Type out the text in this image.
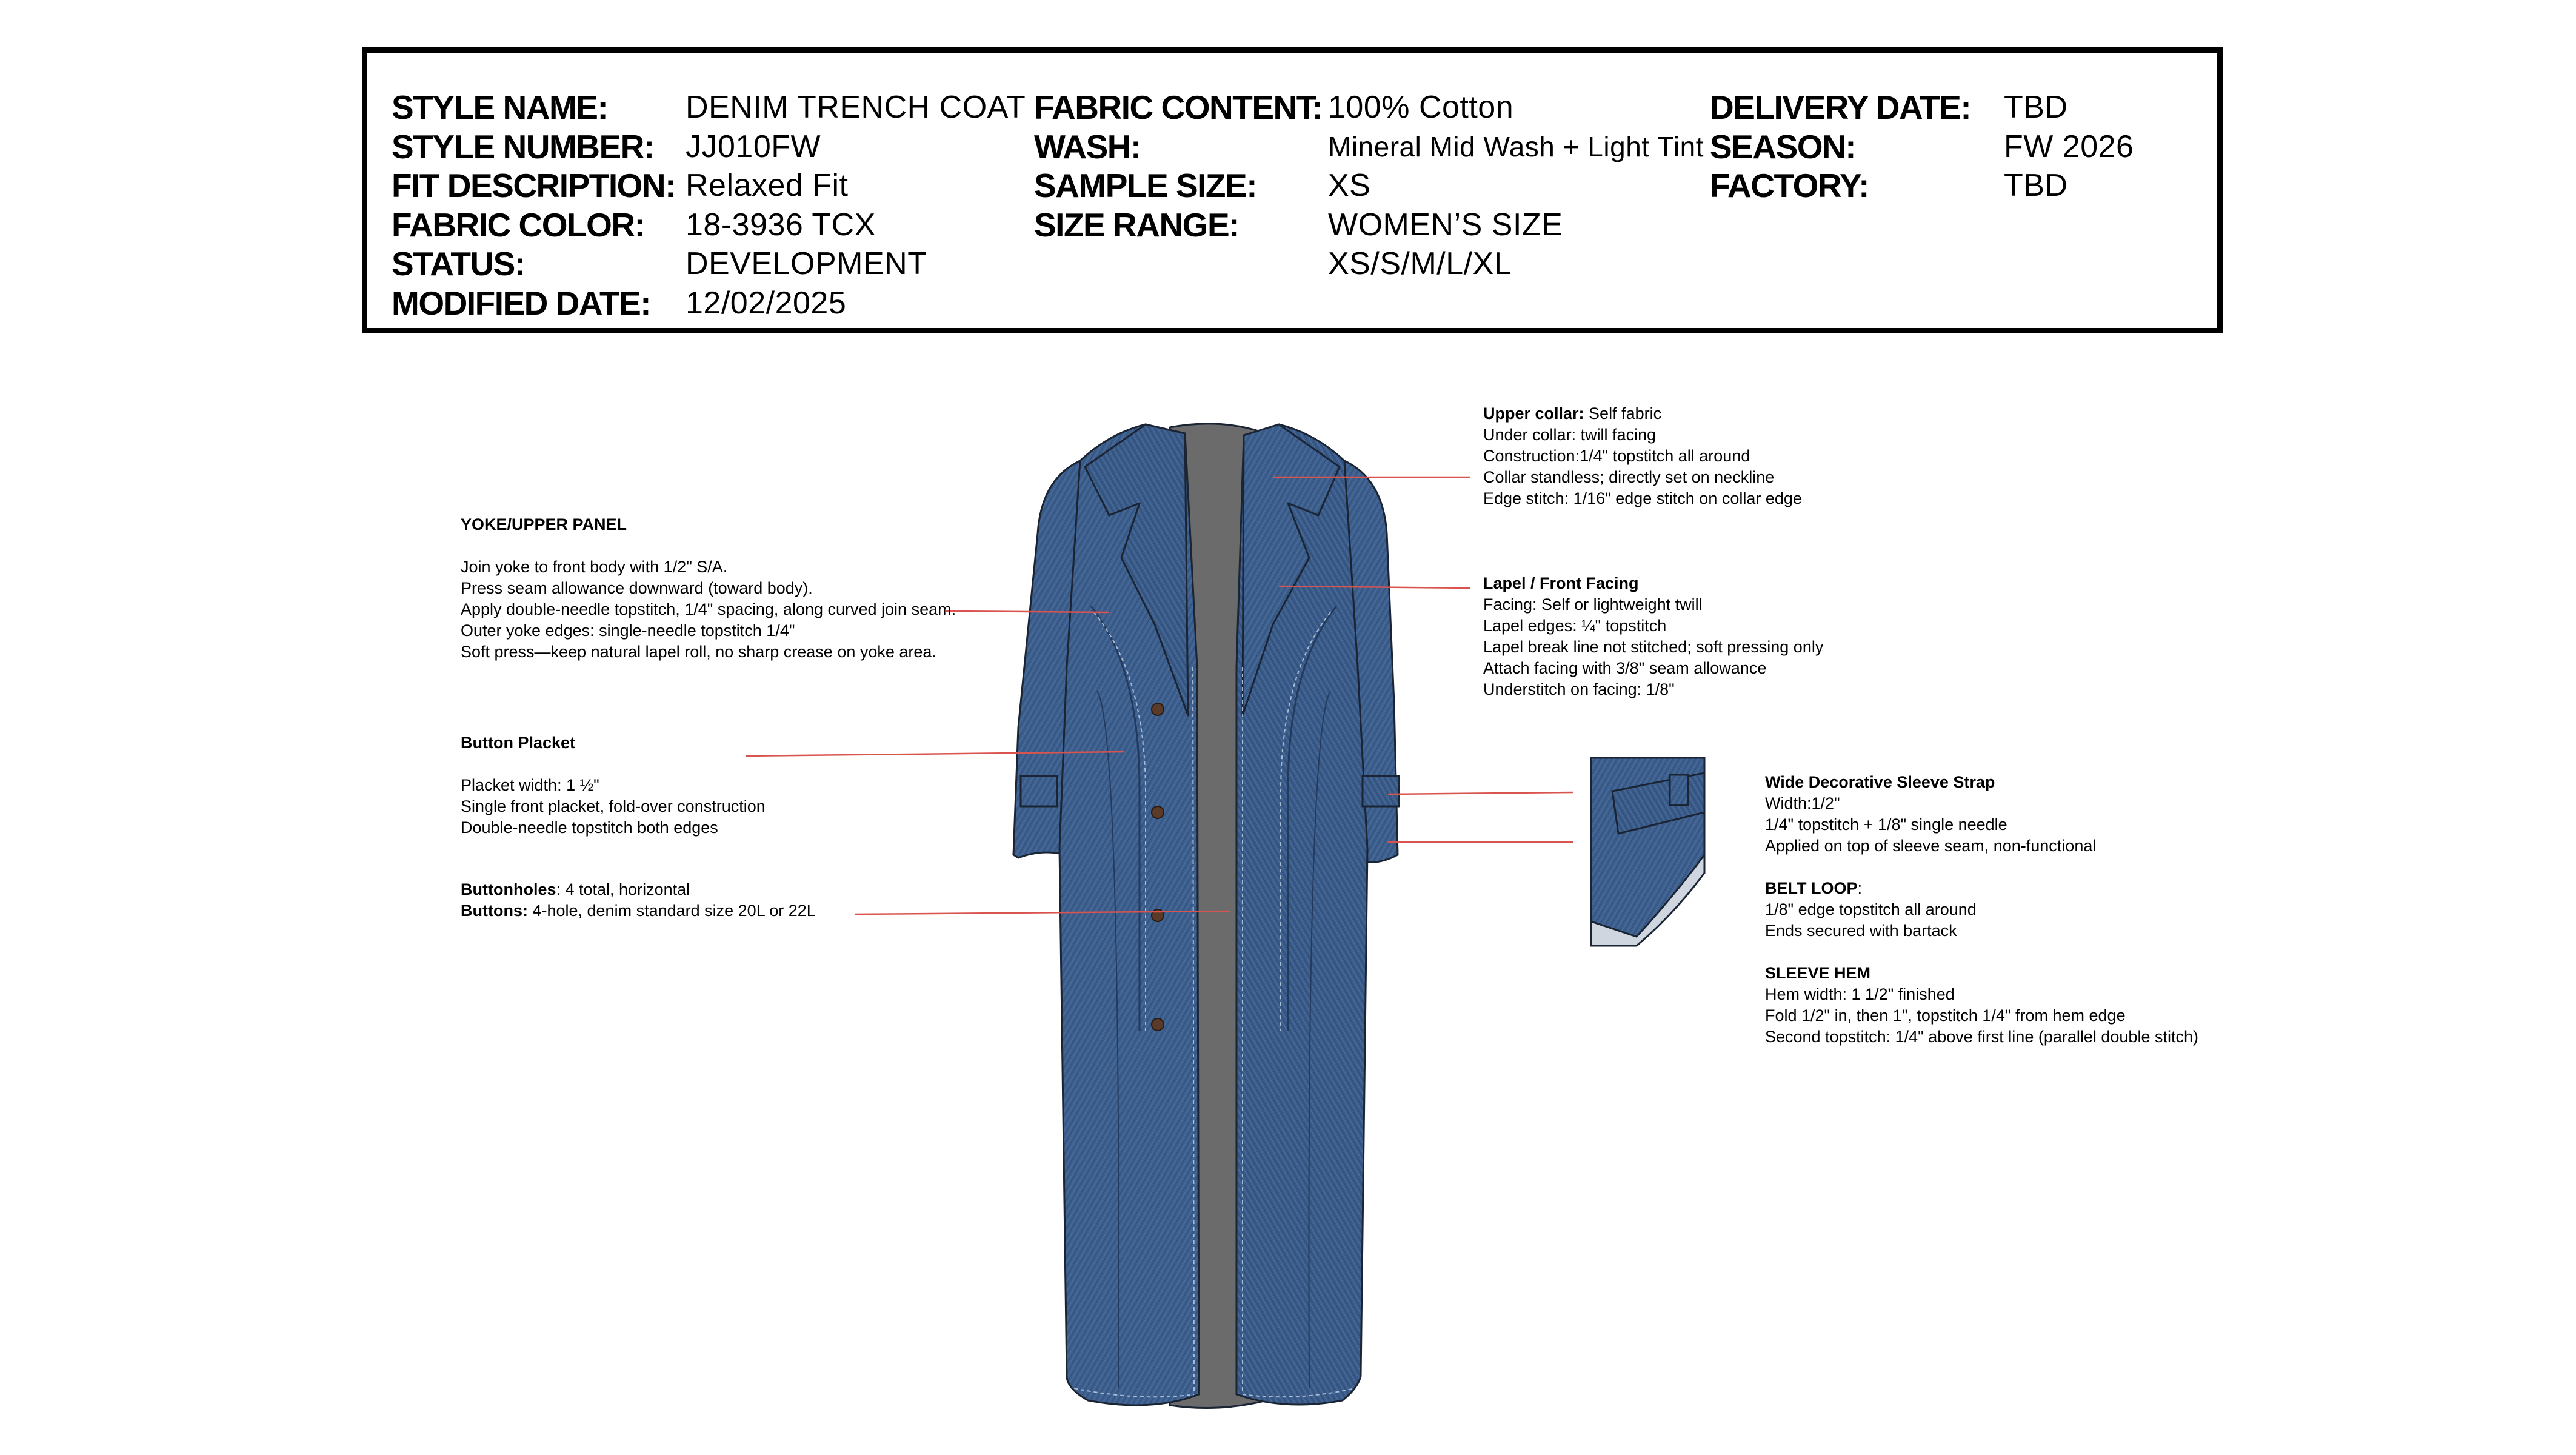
STYLE NAME:	DENIM TRENCH COAT
STYLE NUMBER:	JJ010FW
FIT DESCRIPTION: Relaxed Fit
FABRIC COLOR:	18-3936 TCX
STATUS:	DEVELOPMENT
MODIFIED DATE:	12/02/2025
FABRIC CONTENT: 100% Cotton
WASH:	Mineral Mid Wash + Light Tint
SAMPLE SIZE:	XS
SIZE RANGE:	WOMEN’S SIZE
XS/S/M/L/XL
DELIVERY DATE:	TBD
SEASON:	FW 2026
FACTORY:	TBD
YOKE/UPPER PANEL
Join yoke to front body with 1/2" S/A.
Press seam allowance downward (toward body).
Apply double-needle topstitch, 1/4" spacing, along curved join seam.
Outer yoke edges: single-needle topstitch 1/4"
Soft press—keep natural lapel roll, no sharp crease on yoke area.
Button Placket
Placket width: 1 ½"
Single front placket, fold-over construction
Double-needle topstitch both edges
Buttonholes: 4 total, horizontal
Buttons: 4-hole, denim standard size 20L or 22L
Upper collar: Self fabric
Under collar: twill facing
Construction:1/4" topstitch all around
Collar standless; directly set on neckline
Edge stitch: 1/16" edge stitch on collar edge
Lapel / Front Facing
Facing: Self or lightweight twill
Lapel edges: ¼" topstitch
Lapel break line not stitched; soft pressing only
Attach facing with 3/8" seam allowance
Understitch on facing: 1/8"
Wide Decorative Sleeve Strap
Width:1/2"
1/4" topstitch + 1/8" single needle
Applied on top of sleeve seam, non-functional
BELT LOOP:
1/8" edge topstitch all around
Ends secured with bartack
SLEEVE HEM
Hem width: 1 1/2" finished
Fold 1/2" in, then 1", topstitch 1/4" from hem edge
Second topstitch: 1/4" above first line (parallel double stitch)
